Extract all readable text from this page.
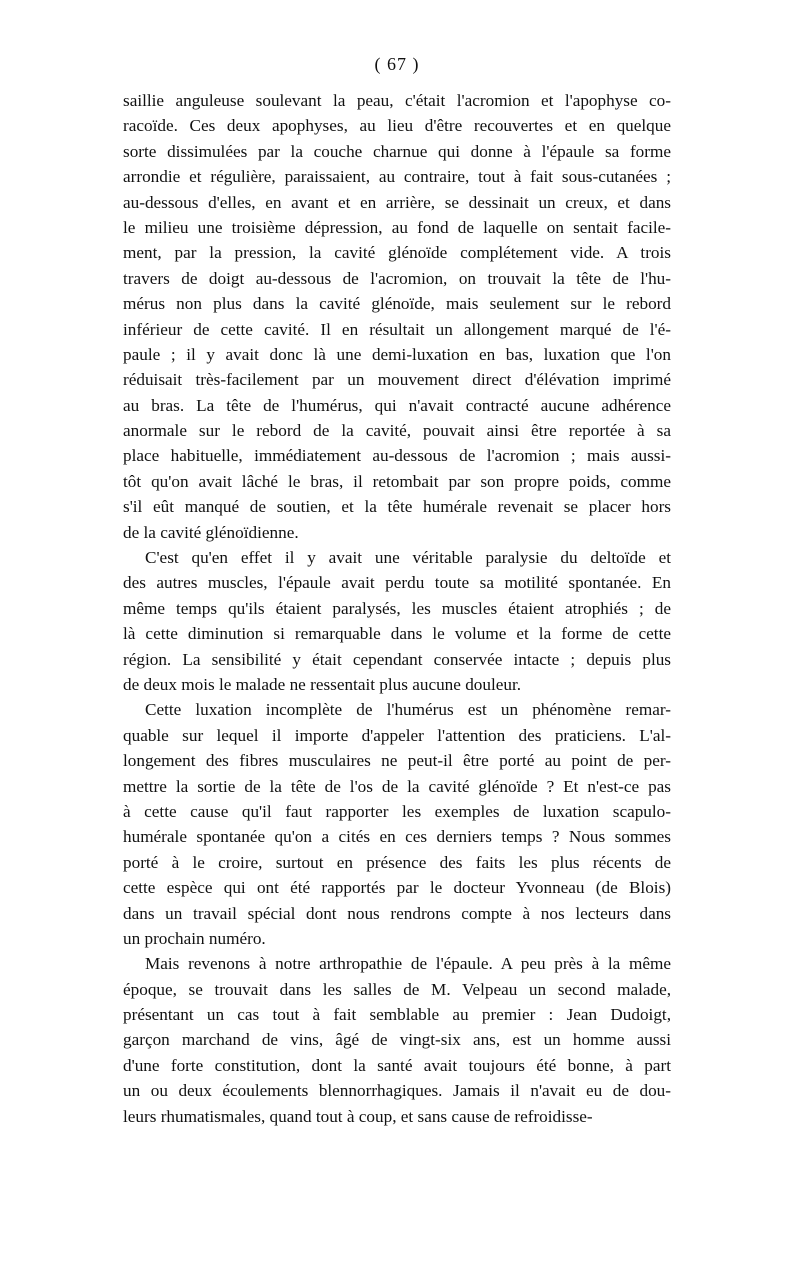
( 67 )
saillie anguleuse soulevant la peau, c'était l'acromion et l'apophyse co-
racoïde. Ces deux apophyses, au lieu d'être recouvertes et en quelque
sorte dissimulées par la couche charnue qui donne à l'épaule sa forme
arrondie et régulière, paraissaient, au contraire, tout à fait sous-cutanées ;
au-dessous d'elles, en avant et en arrière, se dessinait un creux, et dans
le milieu une troisième dépression, au fond de laquelle on sentait facile-
ment, par la pression, la cavité glénoïde complétement vide. A trois
travers de doigt au-dessous de l'acromion, on trouvait la tête de l'hu-
mérus non plus dans la cavité glénoïde, mais seulement sur le rebord
inférieur de cette cavité. Il en résultait un allongement marqué de l'é-
paule ; il y avait donc là une demi-luxation en bas, luxation que l'on
réduisait très-facilement par un mouvement direct d'élévation imprimé
au bras. La tête de l'humérus, qui n'avait contracté aucune adhérence
anormale sur le rebord de la cavité, pouvait ainsi être reportée à sa
place habituelle, immédiatement au-dessous de l'acromion ; mais aussi-
tôt qu'on avait lâché le bras, il retombait par son propre poids, comme
s'il eût manqué de soutien, et la tête humérale revenait se placer hors
de la cavité glénoïdienne.
C'est qu'en effet il y avait une véritable paralysie du deltoïde et
des autres muscles, l'épaule avait perdu toute sa motilité spontanée. En
même temps qu'ils étaient paralysés, les muscles étaient atrophiés ; de
là cette diminution si remarquable dans le volume et la forme de cette
région. La sensibilité y était cependant conservée intacte ; depuis plus
de deux mois le malade ne ressentait plus aucune douleur.
Cette luxation incomplète de l'humérus est un phénomène remar-
quable sur lequel il importe d'appeler l'attention des praticiens. L'al-
longement des fibres musculaires ne peut-il être porté au point de per-
mettre la sortie de la tête de l'os de la cavité glénoïde ? Et n'est-ce pas
à cette cause qu'il faut rapporter les exemples de luxation scapulo-
humérale spontanée qu'on a cités en ces derniers temps ? Nous sommes
porté à le croire, surtout en présence des faits les plus récents de
cette espèce qui ont été rapportés par le docteur Yvonneau (de Blois)
dans un travail spécial dont nous rendrons compte à nos lecteurs dans
un prochain numéro.
Mais revenons à notre arthropathie de l'épaule. A peu près à la même
époque, se trouvait dans les salles de M. Velpeau un second malade,
présentant un cas tout à fait semblable au premier : Jean Dudoigt,
garçon marchand de vins, âgé de vingt-six ans, est un homme aussi
d'une forte constitution, dont la santé avait toujours été bonne, à part
un ou deux écoulements blennorrhagiques. Jamais il n'avait eu de dou-
leurs rhumatismales, quand tout à coup, et sans cause de refroidisse-
